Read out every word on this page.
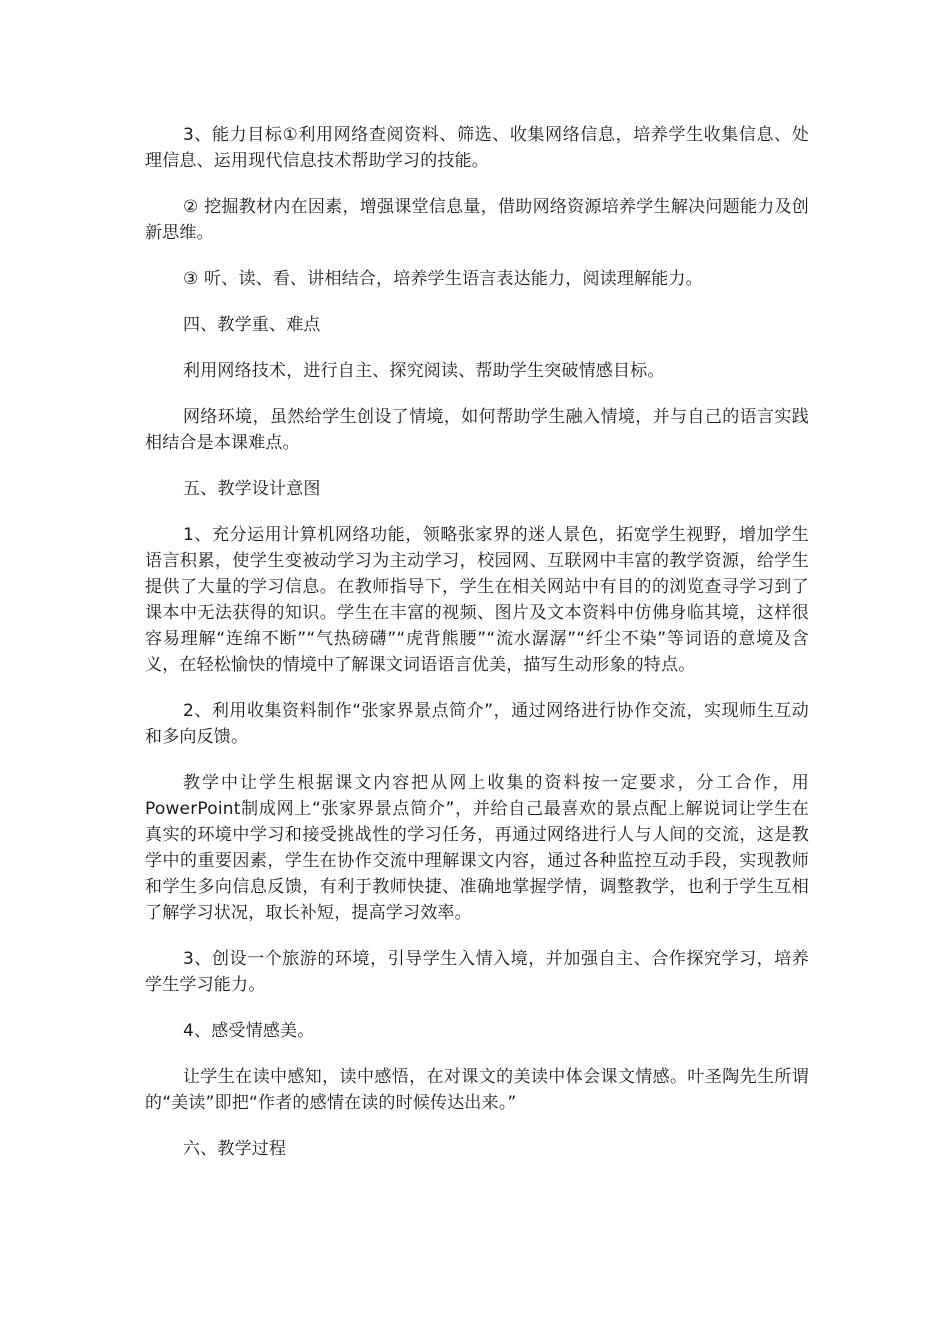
3、能力目标①利用网络查阅资料、筛选、收集网络信息，培养学生收集信息、处理信息、运用现代信息技术帮助学习的技能。

② 挖掘教材内在因素，增强课堂信息量，借助网络资源培养学生解决问题能力及创新思维。

③ 听、读、看、讲相结合，培养学生语言表达能力，阅读理解能力。

四、教学重、难点

利用网络技术，进行自主、探究阅读、帮助学生突破情感目标。

网络环境，虽然给学生创设了情境，如何帮助学生融入情境，并与自己的语言实践相结合是本课难点。

五、教学设计意图

1、充分运用计算机网络功能，领略张家界的迷人景色，拓宽学生视野，增加学生语言积累，使学生变被动学习为主动学习，校园网、互联网中丰富的教学资源，给学生提供了大量的学习信息。在教师指导下，学生在相关网站中有目的的浏览查寻学习到了课本中无法获得的知识。学生在丰富的视频、图片及文本资料中仿佛身临其境，这样很容易理解“连绵不断”“气热磅礴”“虎背熊腰”“流水潺潺”“纤尘不染”等词语的意境及含义，在轻松愉快的情境中了解课文词语语言优美，描写生动形象的特点。

2、利用收集资料制作“张家界景点简介”，通过网络进行协作交流，实现师生互动和多向反馈。

教学中让学生根据课文内容把从网上收集的资料按一定要求，分工合作，用PowerPoint制成网上“张家界景点简介”，并给自己最喜欢的景点配上解说词让学生在真实的环境中学习和接受挑战性的学习任务，再通过网络进行人与人间的交流，这是教学中的重要因素，学生在协作交流中理解课文内容，通过各种监控互动手段，实现教师和学生多向信息反馈，有利于教师快捷、准确地掌握学情，调整教学，也利于学生互相了解学习状况，取长补短，提高学习效率。

3、创设一个旅游的环境，引导学生入情入境，并加强自主、合作探究学习，培养学生学习能力。

4、感受情感美。

让学生在读中感知，读中感悟，在对课文的美读中体会课文情感。叶圣陶先生所谓的“美读”即把“作者的感情在读的时候传达出来。”

六、教学过程
